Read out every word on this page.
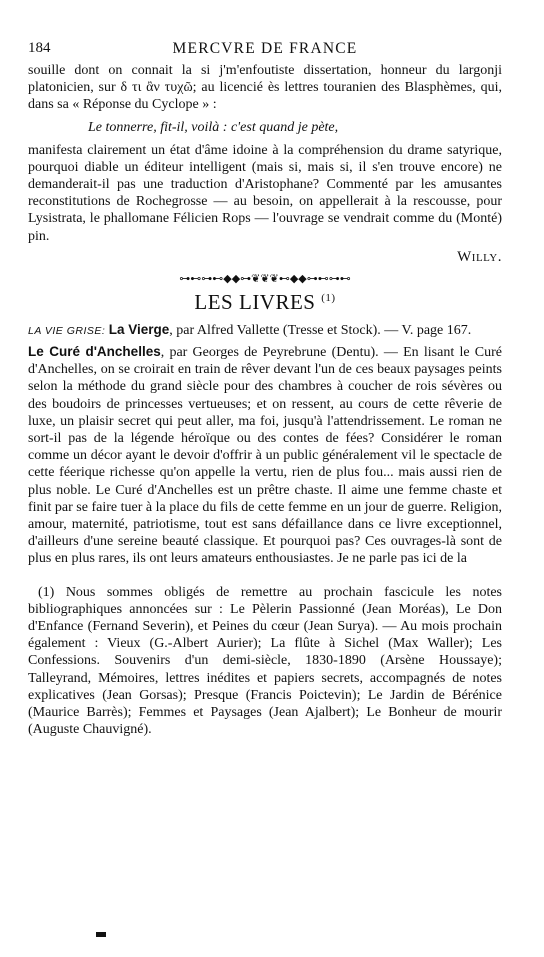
184	MERCVRE DE FRANCE

souille dont on connait la si j'm'enfoutiste dissertation, honneur du largonji platonicien, sur δ τι ἂν τυχῶ; au licencié ès lettres touranien des Blasphèmes, qui, dans sa « Réponse du Cyclope » :

Le tonnerre, fit-il, voilà : c'est quand je pète,

manifesta clairement un état d'âme idoine à la compréhension du drame satyrique, pourquoi diable un éditeur intelligent (mais si, mais si, il s'en trouve encore) ne demanderait-il pas une traduction d'Aristophane? Commenté par les amusantes reconstitutions de Rochegrosse — au besoin, on appellerait à la rescousse, pour Lysistrata, le phallomane Félicien Rops — l'ouvrage se vendrait comme du (Monté) pin.

Willy.
⊶⊷⊶⊷◆◆⊶❦❦❦⊷◆◆⊶⊷⊶⊷
LES LIVRES $^{(1)}$

LA VIE GRISE: La Vierge, par Alfred Vallette (Tresse et Stock). — V. page 167.

Le Curé d'Anchelles, par Georges de Peyrebrune (Dentu). — En lisant le Curé d'Anchelles, on se croirait en train de rêver devant l'un de ces beaux paysages peints selon la méthode du grand siècle pour des chambres à coucher de rois sévères ou des boudoirs de princesses vertueuses; et on ressent, au cours de cette rêverie de luxe, un plaisir secret qui peut aller, ma foi, jusqu'à l'attendrissement. Le roman ne sort-il pas de la légende héroïque ou des contes de fées? Considérer le roman comme un décor ayant le devoir d'offrir à un public généralement vil le spectacle de cette féerique richesse qu'on appelle la vertu, rien de plus fou... mais aussi rien de plus noble. Le Curé d'Anchelles est un prêtre chaste. Il aime une femme chaste et finit par se faire tuer à la place du fils de cette femme en un jour de guerre. Religion, amour, maternité, patriotisme, tout est sans défaillance dans ce livre exceptionnel, d'ailleurs d'une sereine beauté classique. Et pourquoi pas? Ces ouvrages-là sont de plus en plus rares, ils ont leurs amateurs enthousiastes. Je ne parle pas ici de la

(1) Nous sommes obligés de remettre au prochain fascicule les notes bibliographiques annoncées sur : Le Pèlerin Passionné (Jean Moréas), Le Don d'Enfance (Fernand Severin), et Peines du cœur (Jean Surya). — Au mois prochain également : Vieux (G.-Albert Aurier); La flûte à Sichel (Max Waller); Les Confessions. Souvenirs d'un demi-siècle, 1830-1890 (Arsène Houssaye); Talleyrand, Mémoires, lettres inédites et papiers secrets, accompagnés de notes explicatives (Jean Gorsas); Presque (Francis Poictevin); Le Jardin de Bérénice (Maurice Barrès); Femmes et Paysages (Jean Ajalbert); Le Bonheur de mourir (Auguste Chauvigné).
